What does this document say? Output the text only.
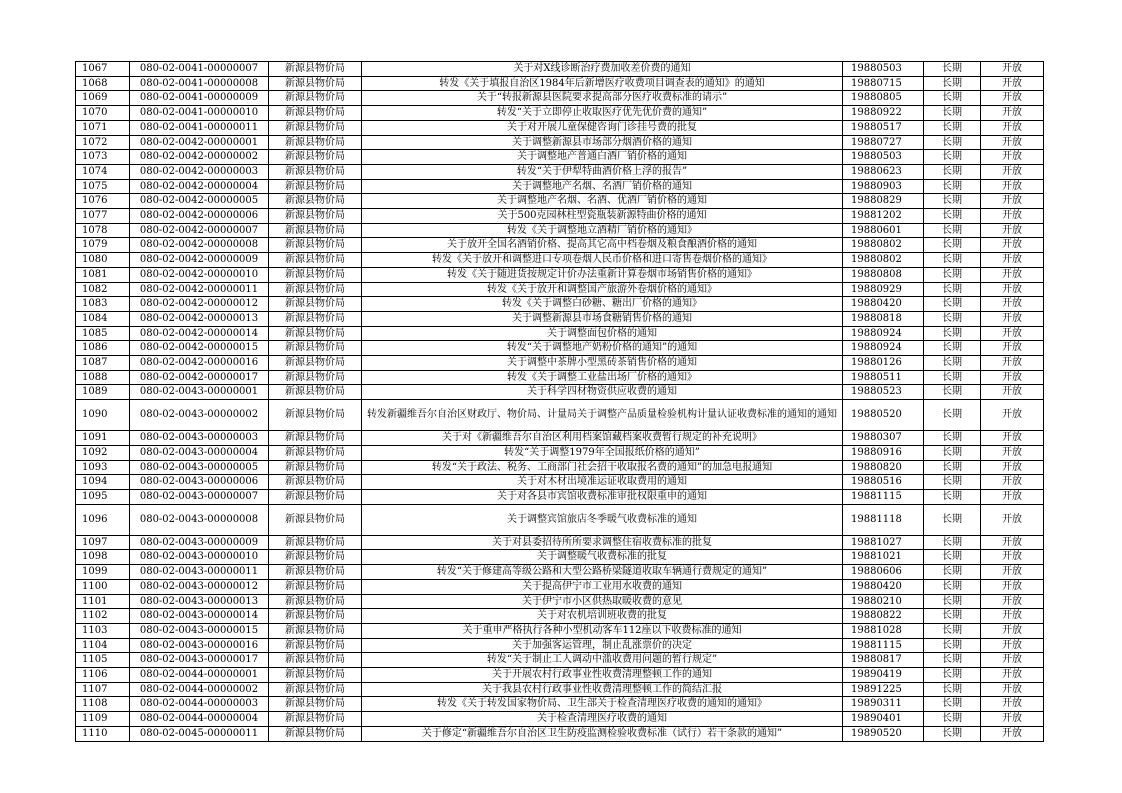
1067	080-02-0041-00000007	新源县物价局	关于对X线诊断治疗费加收差价费的通知	19880503	长期	开放
1068	080-02-0041-00000008	新源县物价局	转发《关于填报自治区1984年后新增医疗收费项目调查表的通知》的通知	19880715	长期	开放
1069	080-02-0041-00000009	新源县物价局	关于“转报新源县医院要求提高部分医疗收费标准的请示”	19880805	长期	开放
1070	080-02-0041-00000010	新源县物价局	转发“关于立即停止收取医疗优先优价费的通知”	19880922	长期	开放
1071	080-02-0041-00000011	新源县物价局	关于对开展儿童保健咨询门诊挂号费的批复	19880517	长期	开放
1072	080-02-0042-00000001	新源县物价局	关于调整新源县市场部分烟酒价格的通知	19880727	长期	开放
1073	080-02-0042-00000002	新源县物价局	关于调整地产普通白酒厂销价格的通知	19880503	长期	开放
1074	080-02-0042-00000003	新源县物价局	转发“关于伊犁特曲酒价格上浮的报告”	19880623	长期	开放
1075	080-02-0042-00000004	新源县物价局	关于调整地产名烟、名酒厂销价格的通知	19880903	长期	开放
1076	080-02-0042-00000005	新源县物价局	关于调整地产名烟、名酒、优酒厂销价格的通知	19880829	长期	开放
1077	080-02-0042-00000006	新源县物价局	关于500克园林柱型瓷瓶装新源特曲价格的通知	19881202	长期	开放
1078	080-02-0042-00000007	新源县物价局	转发《关于调整地立酒精厂销价格的通知》	19880601	长期	开放
1079	080-02-0042-00000008	新源县物价局	关于放开全国名酒销价格、提高其它高中档卷烟及粮食酿酒价格的通知	19880802	长期	开放
1080	080-02-0042-00000009	新源县物价局	转发《关于放开和调整进口专项卷烟人民币价格和进口寄售卷烟价格的通知》	19880802	长期	开放
1081	080-02-0042-00000010	新源县物价局	转发《关于随进货按规定计价办法重新计算卷烟市场销售价格的通知》	19880808	长期	开放
1082	080-02-0042-00000011	新源县物价局	转发《关于放开和调整国产旅游外卷烟价格的通知》	19880929	长期	开放
1083	080-02-0042-00000012	新源县物价局	转发《关于调整白砂糖、糖出厂价格的通知》	19880420	长期	开放
1084	080-02-0042-00000013	新源县物价局	关于调整新源县市场食糖销售价格的通知	19880818	长期	开放
1085	080-02-0042-00000014	新源县物价局	关于调整面包价格的通知	19880924	长期	开放
1086	080-02-0042-00000015	新源县物价局	转发“关于调整地产奶粉价格的通知”的通知	19880924	长期	开放
1087	080-02-0042-00000016	新源县物价局	关于调整中茶牌小型黑砖茶销售价格的通知	19880126	长期	开放
1088	080-02-0042-00000017	新源县物价局	转发《关于调整工业盐出场厂价格的通知》	19880511	长期	开放
1089	080-02-0043-00000001	新源县物价局	关于科学四材物资供应收费的通知	19880523	长期	开放
1090	080-02-0043-00000002	新源县物价局	转发新疆维吾尔自治区财政厅、物价局、计量局关于调整产品质量检验机构计量认证收费标准的通知的通知	19880520	长期	开放
1091	080-02-0043-00000003	新源县物价局	关于对《新疆维吾尔自治区利用档案馆藏档案收费暂行规定的补充说明》	19880307	长期	开放
1092	080-02-0043-00000004	新源县物价局	转发“关于调整1979年全国报纸价格的通知”	19880916	长期	开放
1093	080-02-0043-00000005	新源县物价局	转发“关于政法、税务、工商部门社会招干收取报名费的通知”的加急电报通知	19880820	长期	开放
1094	080-02-0043-00000006	新源县物价局	关于对木材出境准运证收取费用的通知	19880516	长期	开放
1095	080-02-0043-00000007	新源县物价局	关于对各县市宾馆收费标准审批权限重申的通知	19881115	长期	开放
1096	080-02-0043-00000008	新源县物价局	关于调整宾馆旅店冬季暖气收费标准的通知	19881118	长期	开放
1097	080-02-0043-00000009	新源县物价局	关于对县委招待所所要求调整住宿收费标准的批复	19881027	长期	开放
1098	080-02-0043-00000010	新源县物价局	关于调整暖气收费标准的批复	19881021	长期	开放
1099	080-02-0043-00000011	新源县物价局	转发“关于修建高等级公路和大型公路桥梁隧道收取车辆通行费规定的通知”	19880606	长期	开放
1100	080-02-0043-00000012	新源县物价局	关于提高伊宁市工业用水收费的通知	19880420	长期	开放
1101	080-02-0043-00000013	新源县物价局	关于伊宁市小区供热取暖收费的意见	19880210	长期	开放
1102	080-02-0043-00000014	新源县物价局	关于对农机培训班收费的批复	19880822	长期	开放
1103	080-02-0043-00000015	新源县物价局	关于重申严格执行各种小型机动客车112座以下收费标准的通知	19881028	长期	开放
1104	080-02-0043-00000016	新源县物价局	关于加强客运管理，制止乱涨票价的决定	19881115	长期	开放
1105	080-02-0043-00000017	新源县物价局	转发“关于制止工人调动中滥收费用问题的暂行规定”	19880817	长期	开放
1106	080-02-0044-00000001	新源县物价局	关于开展农村行政事业性收费清理整顿工作的通知	19890419	长期	开放
1107	080-02-0044-00000002	新源县物价局	关于我县农村行政事业性收费清理整顿工作的简结汇报	19891225	长期	开放
1108	080-02-0044-00000003	新源县物价局	转发《关于转发国家物价局、卫生部关于检查清理医疗收费的通知的通知》	19890311	长期	开放
1109	080-02-0044-00000004	新源县物价局	关于检查清理医疗收费的通知	19890401	长期	开放
1110	080-02-0045-00000011	新源县物价局	关于修定“新疆维吾尔自治区卫生防疫监测检验收费标准（试行）若干条款的通知”	19890520	长期	开放
